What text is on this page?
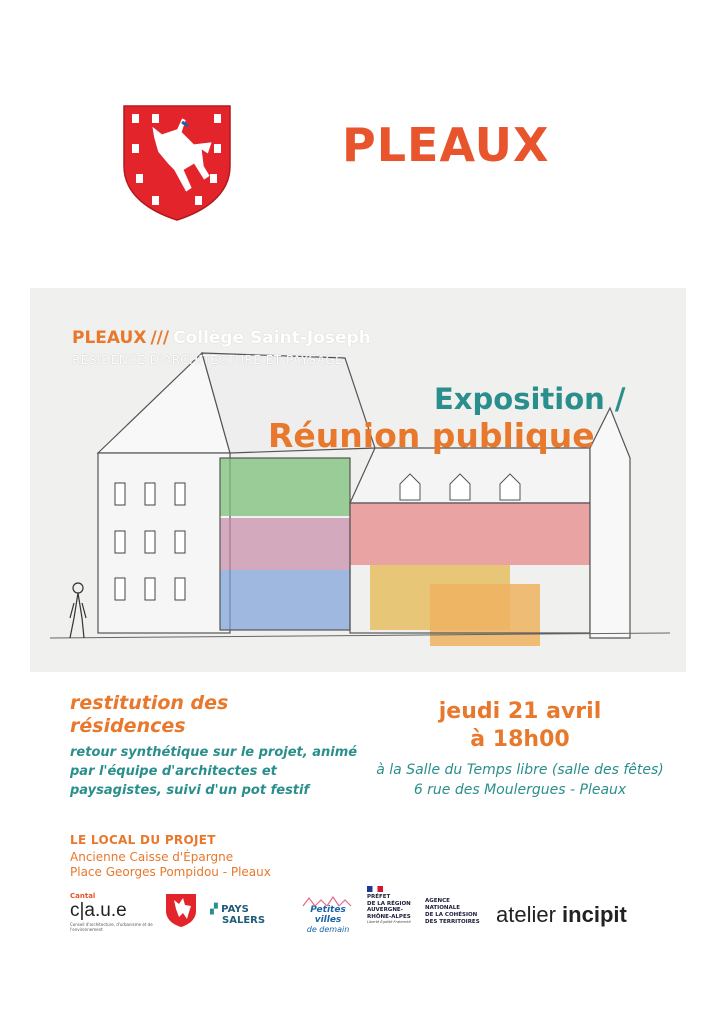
PLEAUX
PLEAUX /// Collège Saint-Joseph
RÉSIDENCE D'ARCHITECTURE ET PAYSAGE
Exposition /
Réunion publique
restitution des résidences
retour synthétique sur le projet, animé par l'équipe d'architectes et paysagistes, suivi d'un pot festif
jeudi 21 avril
à 18h00
à la Salle du Temps libre (salle des fêtes)
6 rue des Moulergues - Pleaux
LE LOCAL DU PROJET
Ancienne Caisse d'Épargne
Place Georges Pompidou - Pleaux
Cantal
c|a.u.e
Conseil d'architecture, d'urbanisme et de l'environnement
▞ PAYS
SALERS
Petites villes
de demain
PRÉFET
DE LA RÉGION
AUVERGNE-
RHÔNE-ALPES
Liberté Égalité Fraternité
AGENCE
NATIONALE
DE LA COHÉSION
DES TERRITOIRES atelier incipit
